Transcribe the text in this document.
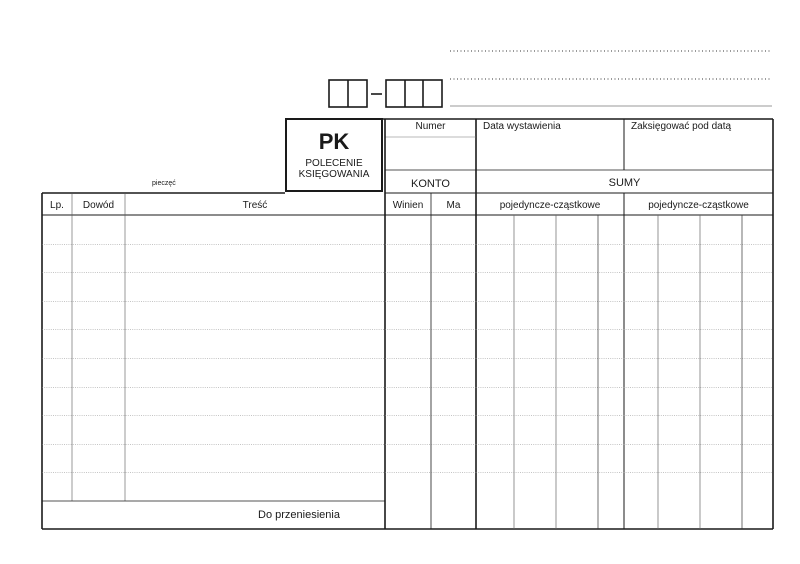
PK
POLECENIE
KSIĘGOWANIA
pieczęć
Numer	Data wystawienia	Zaksięgować pod datą
KONTO	SUMY
Lp.	Dowód	Treść	Winien	Ma	pojedyncze-cząstkowe	pojedyncze-cząstkowe
Do przeniesienia
